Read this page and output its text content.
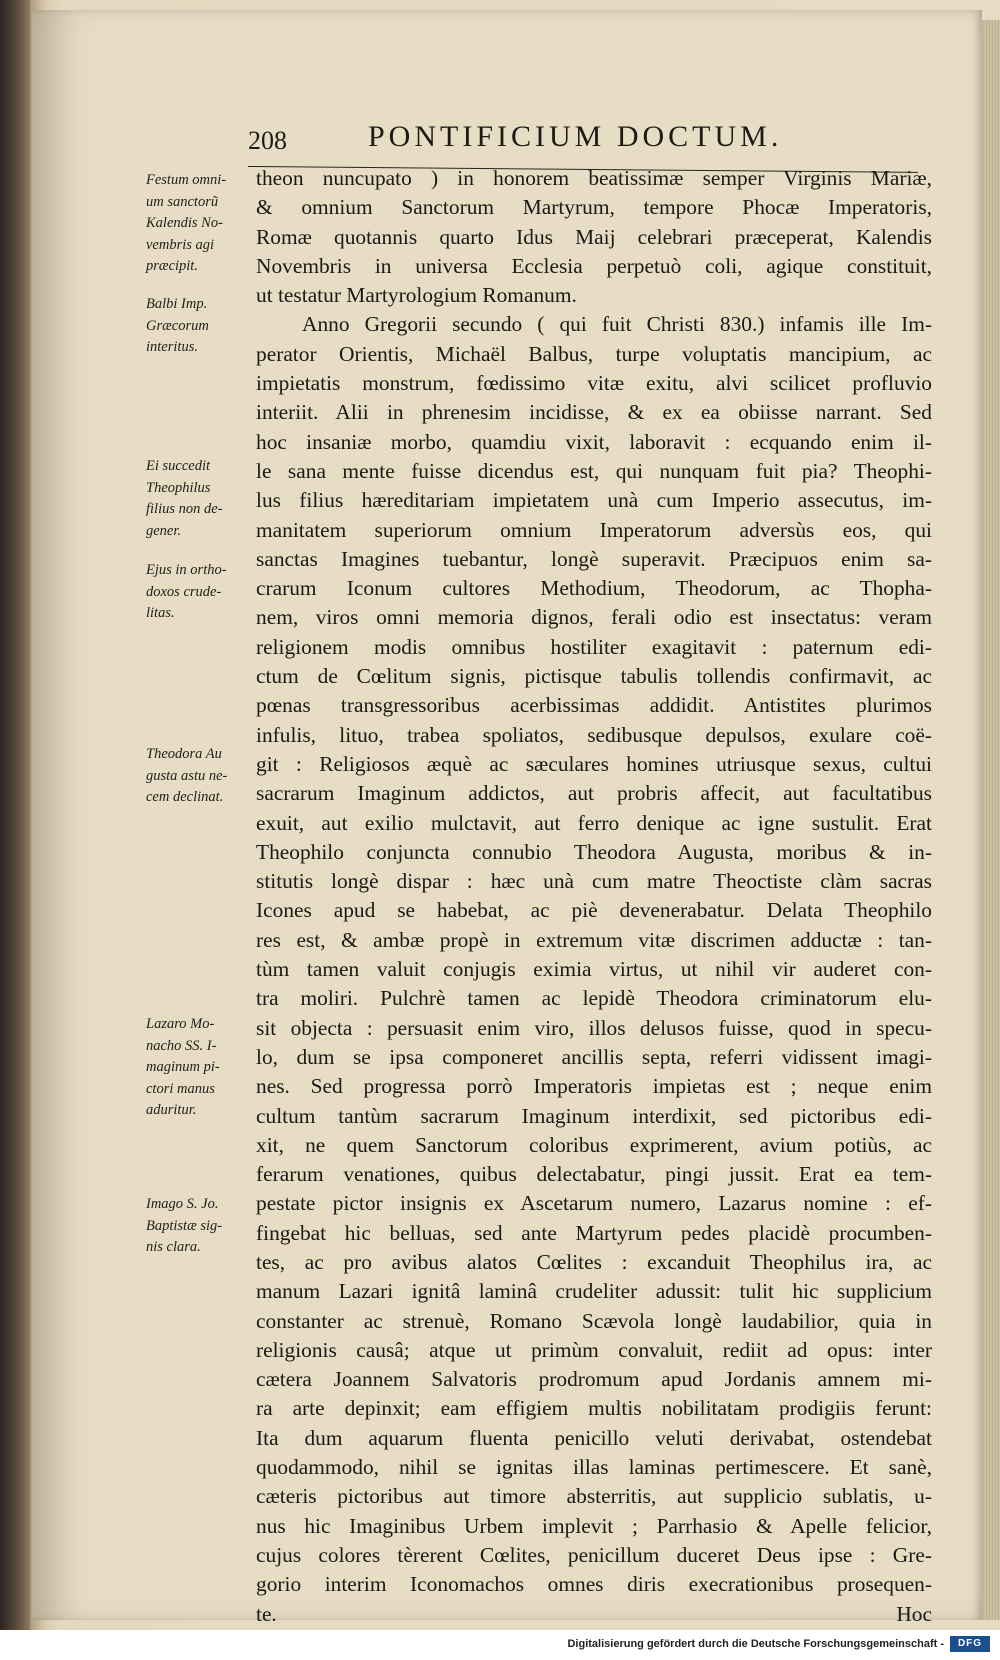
208	PONTIFICIUM DOCTUM.

Festum omni-
um sanctorũ
Kalendis No-
vembris agi
præcipit.

Balbi Imp.
Græcorum
interitus.

Ei succedit
Theophilus
filius non de-
gener.

Ejus in ortho-
doxos crude-
litas.

Theodora Au
gusta astu ne-
cem declinat.

Lazaro Mo-
nacho SS. I-
maginum pi-
ctori manus
aduritur.

Imago S. Jo.
Baptistæ sig-
nis clara.

theon nuncupato ) in honorem beatissimæ semper Virginis Mariæ,

& omnium Sanctorum Martyrum, tempore Phocæ Imperatoris,

Romæ quotannis quarto Idus Maij celebrari præceperat, Kalendis

Novembris in universa Ecclesia perpetuò coli, agique constituit,

ut testatur Martyrologium Romanum.

Anno Gregorii secundo ( qui fuit Christi 830.) infamis ille Im-

perator Orientis, Michaël Balbus, turpe voluptatis mancipium, ac

impietatis monstrum, fœdissimo vitæ exitu, alvi scilicet profluvio

interiit. Alii in phrenesim incidisse, & ex ea obiisse narrant. Sed

hoc insaniæ morbo, quamdiu vixit, laboravit : ecquando enim il-

le sana mente fuisse dicendus est, qui nunquam fuit pia? Theophi-

lus filius hæreditariam impietatem unà cum Imperio assecutus, im-

manitatem superiorum omnium Imperatorum adversùs eos, qui

sanctas Imagines tuebantur, longè superavit. Præcipuos enim sa-

crarum Iconum cultores Methodium, Theodorum, ac Thopha-

nem, viros omni memoria dignos, ferali odio est insectatus: veram

religionem modis omnibus hostiliter exagitavit : paternum edi-

ctum de Cœlitum signis, pictisque tabulis tollendis confirmavit, ac

pœnas transgressoribus acerbissimas addidit. Antistites plurimos

infulis, lituo, trabea spoliatos, sedibusque depulsos, exulare coë-

git : Religiosos æquè ac sæculares homines utriusque sexus, cultui

sacrarum Imaginum addictos, aut probris affecit, aut facultatibus

exuit, aut exilio mulctavit, aut ferro denique ac igne sustulit. Erat

Theophilo conjuncta connubio Theodora Augusta, moribus & in-

stitutis longè dispar : hæc unà cum matre Theoctiste clàm sacras

Icones apud se habebat, ac piè devenerabatur. Delata Theophilo

res est, & ambæ propè in extremum vitæ discrimen adductæ : tan-

tùm tamen valuit conjugis eximia virtus, ut nihil vir auderet con-

tra moliri. Pulchrè tamen ac lepidè Theodora criminatorum elu-

sit objecta : persuasit enim viro, illos delusos fuisse, quod in specu-

lo, dum se ipsa componeret ancillis septa, referri vidissent imagi-

nes. Sed progressa porrò Imperatoris impietas est ; neque enim

cultum tantùm sacrarum Imaginum interdixit, sed pictoribus edi-

xit, ne quem Sanctorum coloribus exprimerent, avium potiùs, ac

ferarum venationes, quibus delectabatur, pingi jussit. Erat ea tem-

pestate pictor insignis ex Ascetarum numero, Lazarus nomine : ef-

fingebat hic belluas, sed ante Martyrum pedes placidè procumben-

tes, ac pro avibus alatos Cœlites : excanduit Theophilus ira, ac

manum Lazari ignitâ laminâ crudeliter adussit: tulit hic supplicium

constanter ac strenuè, Romano Scævola longè laudabilior, quia in

religionis causâ; atque ut primùm convaluit, rediit ad opus: inter

cætera Joannem Salvatoris prodromum apud Jordanis amnem mi-

ra arte depinxit; eam effigiem multis nobilitatam prodigiis ferunt:

Ita dum aquarum fluenta penicillo veluti derivabat, ostendebat

quodammodo, nihil se ignitas illas laminas pertimescere. Et sanè,

cæteris pictoribus aut timore absterritis, aut supplicio sublatis, u-

nus hic Imaginibus Urbem implevit ; Parrhasio & Apelle felicior,

cujus colores tèrerent Cœlites, penicillum duceret Deus ipse : Gre-

gorio interim Iconomachos omnes diris execrationibus prosequen-

te.	Hoc

Digitalisierung gefördert durch die Deutsche Forschungsgemeinschaft -	DFG
